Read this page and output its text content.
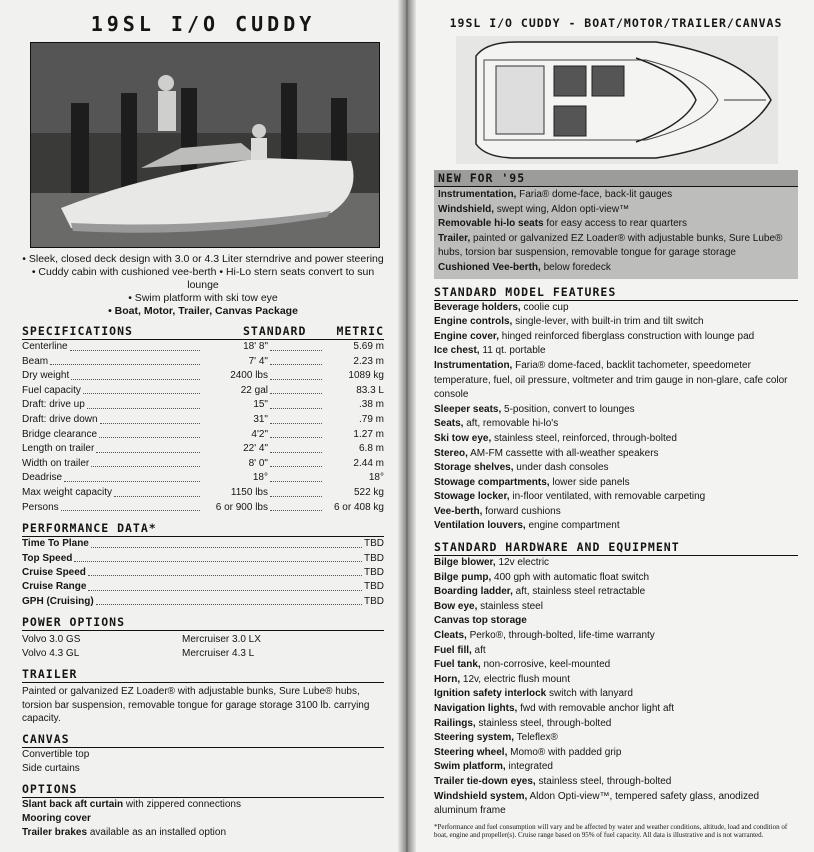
19SL I/O CUDDY
• Sleek, closed deck design with 3.0 or 4.3 Liter sterndrive and power steering
• Cuddy cabin with cushioned vee-berth • Hi-Lo stern seats convert to sun lounge
• Swim platform with ski tow eye
• Boat, Motor, Trailer, Canvas Package
SPECIFICATIONS	STANDARD	METRIC
Centerline	18' 8"	5.69 m
Beam	7' 4"	2.23 m
Dry weight	2400 lbs	1089 kg
Fuel capacity	22 gal	83.3 L
Draft: drive up	15"	.38 m
Draft: drive down	31"	.79 m
Bridge clearance	4'2"	1.27 m
Length on trailer	22' 4"	6.8 m
Width on trailer	8' 0"	2.44 m
Deadrise	18°	18°
Max weight capacity	1150 lbs	522 kg
Persons	6 or 900 lbs	6 or 408 kg
PERFORMANCE DATA*
Time To Plane	TBD
Top Speed	TBD
Cruise Speed	TBD
Cruise Range	TBD
GPH (Cruising)	TBD
POWER OPTIONS
Volvo 3.0 GS	Mercruiser 3.0 LX
Volvo 4.3 GL	Mercruiser 4.3 L
TRAILER
Painted or galvanized EZ Loader® with adjustable bunks, Sure Lube® hubs, torsion bar suspension, removable tongue for garage storage 3100 lb. carrying capacity.
CANVAS
Convertible top
Side curtains
OPTIONS
Slant back aft curtain with zippered connections
Mooring cover
Trailer brakes available as an installed option
19SL I/O CUDDY - BOAT/MOTOR/TRAILER/CANVAS
NEW FOR '95
Instrumentation, Faria® dome-face, back-lit gauges
Windshield, swept wing, Aldon opti-view™
Removable hi-lo seats for easy access to rear quarters
Trailer, painted or galvanized EZ Loader® with adjustable bunks, Sure Lube® hubs, torsion bar suspension, removable tongue for garage storage
Cushioned Vee-berth, below foredeck
STANDARD MODEL FEATURES
Beverage holders, coolie cup
Engine controls, single-lever, with built-in trim and tilt switch
Engine cover, hinged reinforced fiberglass construction with lounge pad
Ice chest, 11 qt. portable
Instrumentation, Faria® dome-faced, backlit tachometer, speedometer temperature, fuel, oil pressure, voltmeter and trim gauge in non-glare, cafe color console
Sleeper seats, 5-position, convert to lounges
Seats, aft, removable hi-lo's
Ski tow eye, stainless steel, reinforced, through-bolted
Stereo, AM-FM cassette with all-weather speakers
Storage shelves, under dash consoles
Stowage compartments, lower side panels
Stowage locker, in-floor ventilated, with removable carpeting
Vee-berth, forward cushions
Ventilation louvers, engine compartment
STANDARD HARDWARE AND EQUIPMENT
Bilge blower, 12v electric
Bilge pump, 400 gph with automatic float switch
Boarding ladder, aft, stainless steel retractable
Bow eye, stainless steel
Canvas top storage
Cleats, Perko®, through-bolted, life-time warranty
Fuel fill, aft
Fuel tank, non-corrosive, keel-mounted
Horn, 12v, electric flush mount
Ignition safety interlock switch with lanyard
Navigation lights, fwd with removable anchor light aft
Railings, stainless steel, through-bolted
Steering system, Teleflex®
Steering wheel, Momo® with padded grip
Swim platform, integrated
Trailer tie-down eyes, stainless steel, through-bolted
Windshield system, Aldon Opti-view™, tempered safety glass, anodized aluminum frame
*Performance and fuel consumption will vary and be affected by water and weather conditions, altitude, load and condition of boat, engine and propeller(s). Cruise range based on 95% of fuel capacity. All data is illustrative and is not warranted.
